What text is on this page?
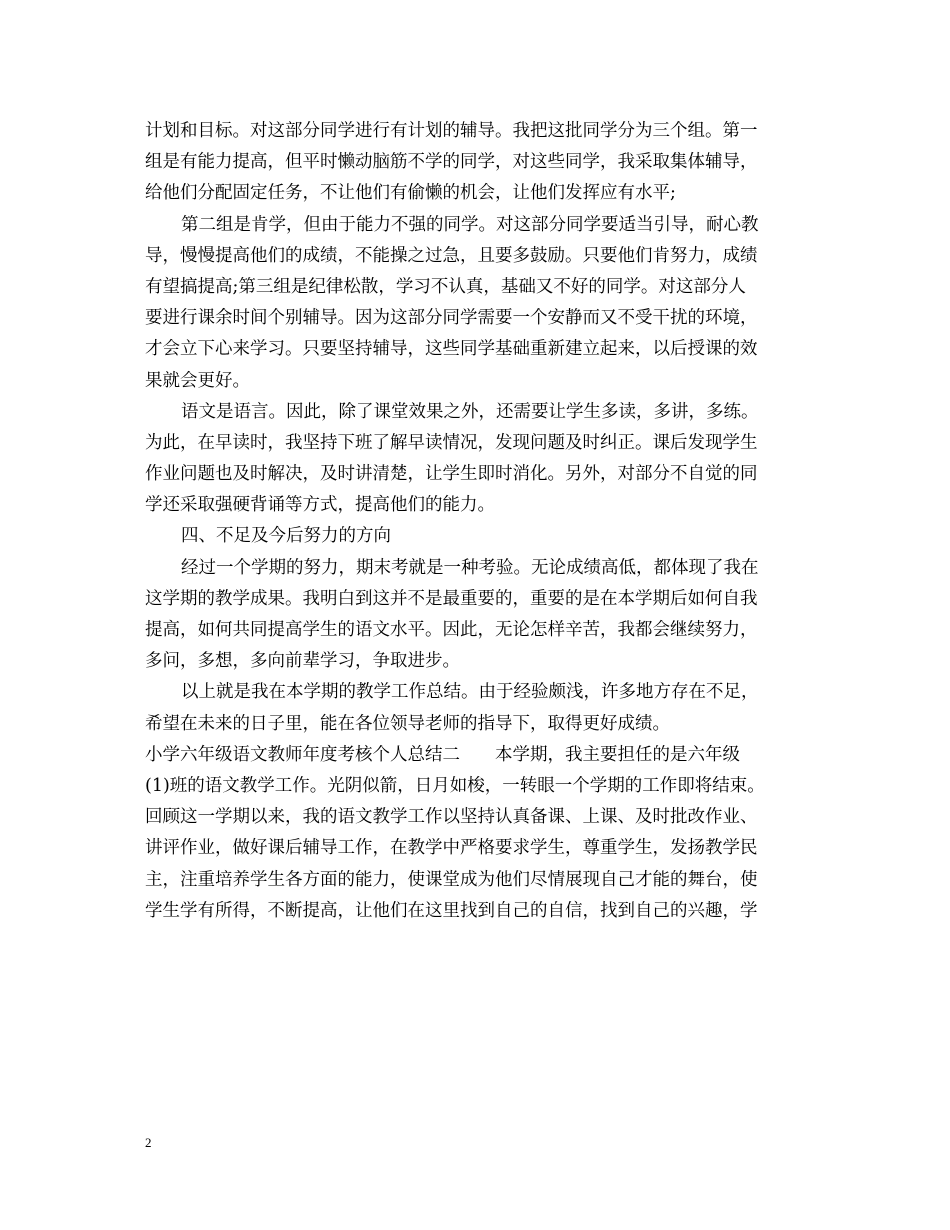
计划和目标。对这部分同学进行有计划的辅导。我把这批同学分为三个组。第一
组是有能力提高，但平时懒动脑筋不学的同学，对这些同学，我采取集体辅导，
给他们分配固定任务，不让他们有偷懒的机会，让他们发挥应有水平;
第二组是肯学，但由于能力不强的同学。对这部分同学要适当引导，耐心教
导，慢慢提高他们的成绩，不能操之过急，且要多鼓励。只要他们肯努力，成绩
有望搞提高;第三组是纪律松散，学习不认真，基础又不好的同学。对这部分人
要进行课余时间个别辅导。因为这部分同学需要一个安静而又不受干扰的环境，
才会立下心来学习。只要坚持辅导，这些同学基础重新建立起来，以后授课的效
果就会更好。
语文是语言。因此，除了课堂效果之外，还需要让学生多读，多讲，多练。
为此，在早读时，我坚持下班了解早读情况，发现问题及时纠正。课后发现学生
作业问题也及时解决，及时讲清楚，让学生即时消化。另外，对部分不自觉的同
学还采取强硬背诵等方式，提高他们的能力。
四、不足及今后努力的方向
经过一个学期的努力，期末考就是一种考验。无论成绩高低，都体现了我在
这学期的教学成果。我明白到这并不是最重要的，重要的是在本学期后如何自我
提高，如何共同提高学生的语文水平。因此，无论怎样辛苦，我都会继续努力，
多问，多想，多向前辈学习，争取进步。
以上就是我在本学期的教学工作总结。由于经验颇浅，许多地方存在不足，
希望在未来的日子里，能在各位领导老师的指导下，取得更好成绩。
小学六年级语文教师年度考核个人总结二　　本学期，我主要担任的是六年级
(1)班的语文教学工作。光阴似箭，日月如梭，一转眼一个学期的工作即将结束。
回顾这一学期以来，我的语文教学工作以坚持认真备课、上课、及时批改作业、
讲评作业，做好课后辅导工作，在教学中严格要求学生，尊重学生，发扬教学民
主，注重培养学生各方面的能力，使课堂成为他们尽情展现自己才能的舞台，使
学生学有所得，不断提高，让他们在这里找到自己的自信，找到自己的兴趣，学
2
